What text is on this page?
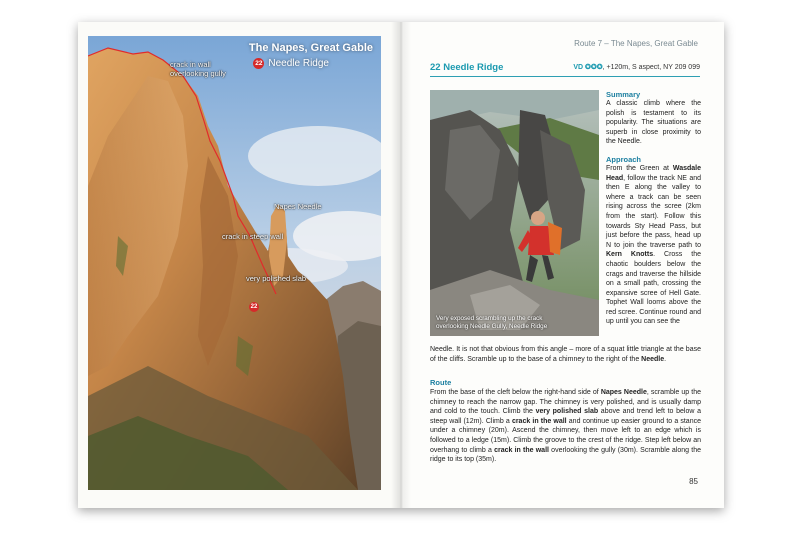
The Napes, Great Gable
22 Needle Ridge
crack in wall
overlooking gully
Napes Needle
crack in steep wall
very polished slab
22
Route 7 – The Napes, Great Gable
22 Needle Ridge	VD ✪✪✪, +120m, S aspect, NY 209 099
Very exposed scrambling up the crack
overlooking Needle Gully, Needle Ridge

Summary

A classic climb where the polish is testament to its popularity. The situations are superb in close proximity to the Needle.

Approach

From the Green at Wasdale Head, follow the track NE and then E along the valley to where a track can be seen rising across the scree (2km from the start). Follow this towards Sty Head Pass, but just before the pass, head up N to join the traverse path to Kern Knotts. Cross the chaotic boulders below the crags and traverse the hillside on a small path, crossing the expansive scree of Hell Gate. Tophet Wall looms above the red scree. Continue round and up until you can see the

Needle. It is not that obvious from this angle – more of a squat little triangle at the base of the cliffs. Scramble up to the base of a chimney to the right of the Needle.

Route

From the base of the cleft below the right-hand side of Napes Needle, scramble up the chimney to reach the narrow gap. The chimney is very polished, and is usually damp and cold to the touch. Climb the very polished slab above and trend left to below a steep wall (12m). Climb a crack in the wall and continue up easier ground to a stance under a chimney (20m). Ascend the chimney, then move left to an edge which is followed to a ledge (15m). Climb the groove to the crest of the ridge. Step left below an overhang to climb a crack in the wall overlooking the gully (30m). Scramble along the ridge to its top (35m).

85
